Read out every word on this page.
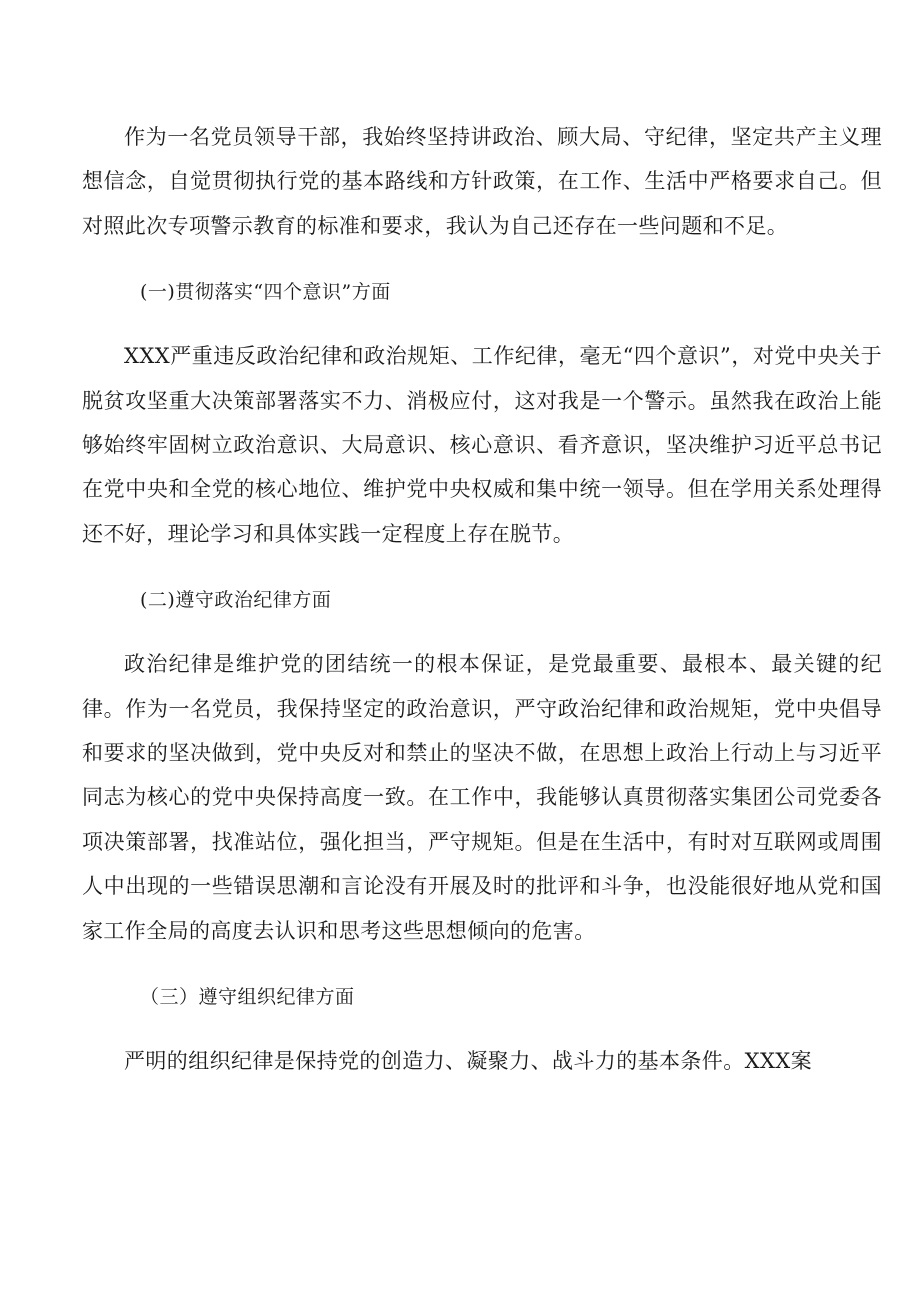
作为一名党员领导干部，我始终坚持讲政治、顾大局、守纪律，坚定共产主义理想信念，自觉贯彻执行党的基本路线和方针政策，在工作、生活中严格要求自己。但对照此次专项警示教育的标准和要求，我认为自己还存在一些问题和不足。

(一)贯彻落实“四个意识”方面

XXX严重违反政治纪律和政治规矩、工作纪律，毫无“四个意识”，对党中央关于脱贫攻坚重大决策部署落实不力、消极应付，这对我是一个警示。虽然我在政治上能够始终牢固树立政治意识、大局意识、核心意识、看齐意识，坚决维护习近平总书记在党中央和全党的核心地位、维护党中央权威和集中统一领导。但在学用关系处理得还不好，理论学习和具体实践一定程度上存在脱节。

(二)遵守政治纪律方面

政治纪律是维护党的团结统一的根本保证，是党最重要、最根本、最关键的纪律。作为一名党员，我保持坚定的政治意识，严守政治纪律和政治规矩，党中央倡导和要求的坚决做到，党中央反对和禁止的坚决不做，在思想上政治上行动上与习近平同志为核心的党中央保持高度一致。在工作中，我能够认真贯彻落实集团公司党委各项决策部署，找准站位，强化担当，严守规矩。但是在生活中，有时对互联网或周围人中出现的一些错误思潮和言论没有开展及时的批评和斗争，也没能很好地从党和国家工作全局的高度去认识和思考这些思想倾向的危害。

（三）遵守组织纪律方面

严明的组织纪律是保持党的创造力、凝聚力、战斗力的基本条件。XXX案
